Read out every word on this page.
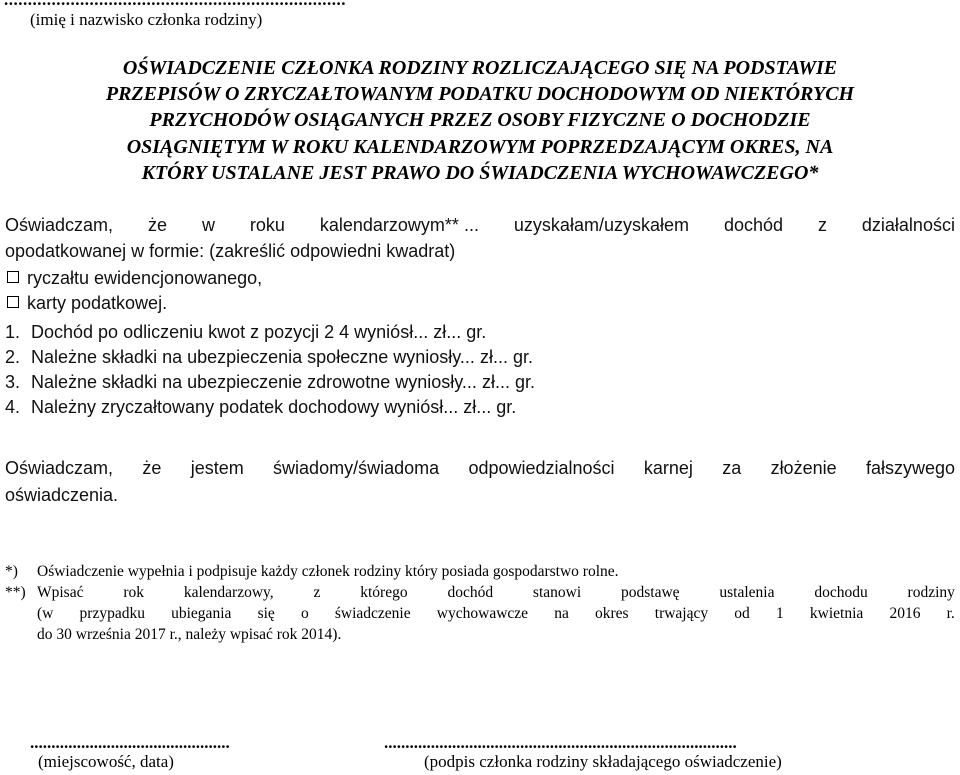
(imię i nazwisko członka rodziny)
OŚWIADCZENIE CZŁONKA RODZINY ROZLICZAJĄCEGO SIĘ NA PODSTAWIE
PRZEPISÓW O ZRYCZAŁTOWANYM PODATKU DOCHODOWYM OD NIEKTÓRYCH
PRZYCHODÓW OSIĄGANYCH PRZEZ OSOBY FIZYCZNE O DOCHODZIE
OSIĄGNIĘTYM W ROKU KALENDARZOWYM POPRZEDZAJĄCYM OKRES, NA
KTÓRY USTALANE JEST PRAWO DO ŚWIADCZENIA WYCHOWAWCZEGO*
Oświadczam, że w roku kalendarzowym** ... uzyskałam/uzyskałem dochód z działalności
opodatkowanej w formie: (zakreślić odpowiedni kwadrat)
ryczałtu ewidencjonowanego,
karty podatkowej.
1. Dochód po odliczeniu kwot z pozycji 2 4 wyniósł... zł... gr.
2. Należne składki na ubezpieczenia społeczne wyniosły... zł... gr.
3. Należne składki na ubezpieczenie zdrowotne wyniosły... zł... gr.
4. Należny zryczałtowany podatek dochodowy wyniósł... zł... gr.
Oświadczam, że jestem świadomy/świadoma odpowiedzialności karnej za złożenie fałszywego
oświadczenia.
*)	Oświadczenie wypełnia i podpisuje każdy członek rodziny który posiada gospodarstwo rolne.
**) Wpisać	rok	kalendarzowy,	z	którego	dochód	stanowi	podstawę	ustalenia	dochodu	rodziny
(w przypadku ubiegania się o świadczenie wychowawcze na okres trwający od 1 kwietnia 2016 r.
do 30 września 2017 r., należy wpisać rok 2014).
...............................................
(miejscowość, data)
...................................................................................
(podpis członka rodziny składającego oświadczenie)
